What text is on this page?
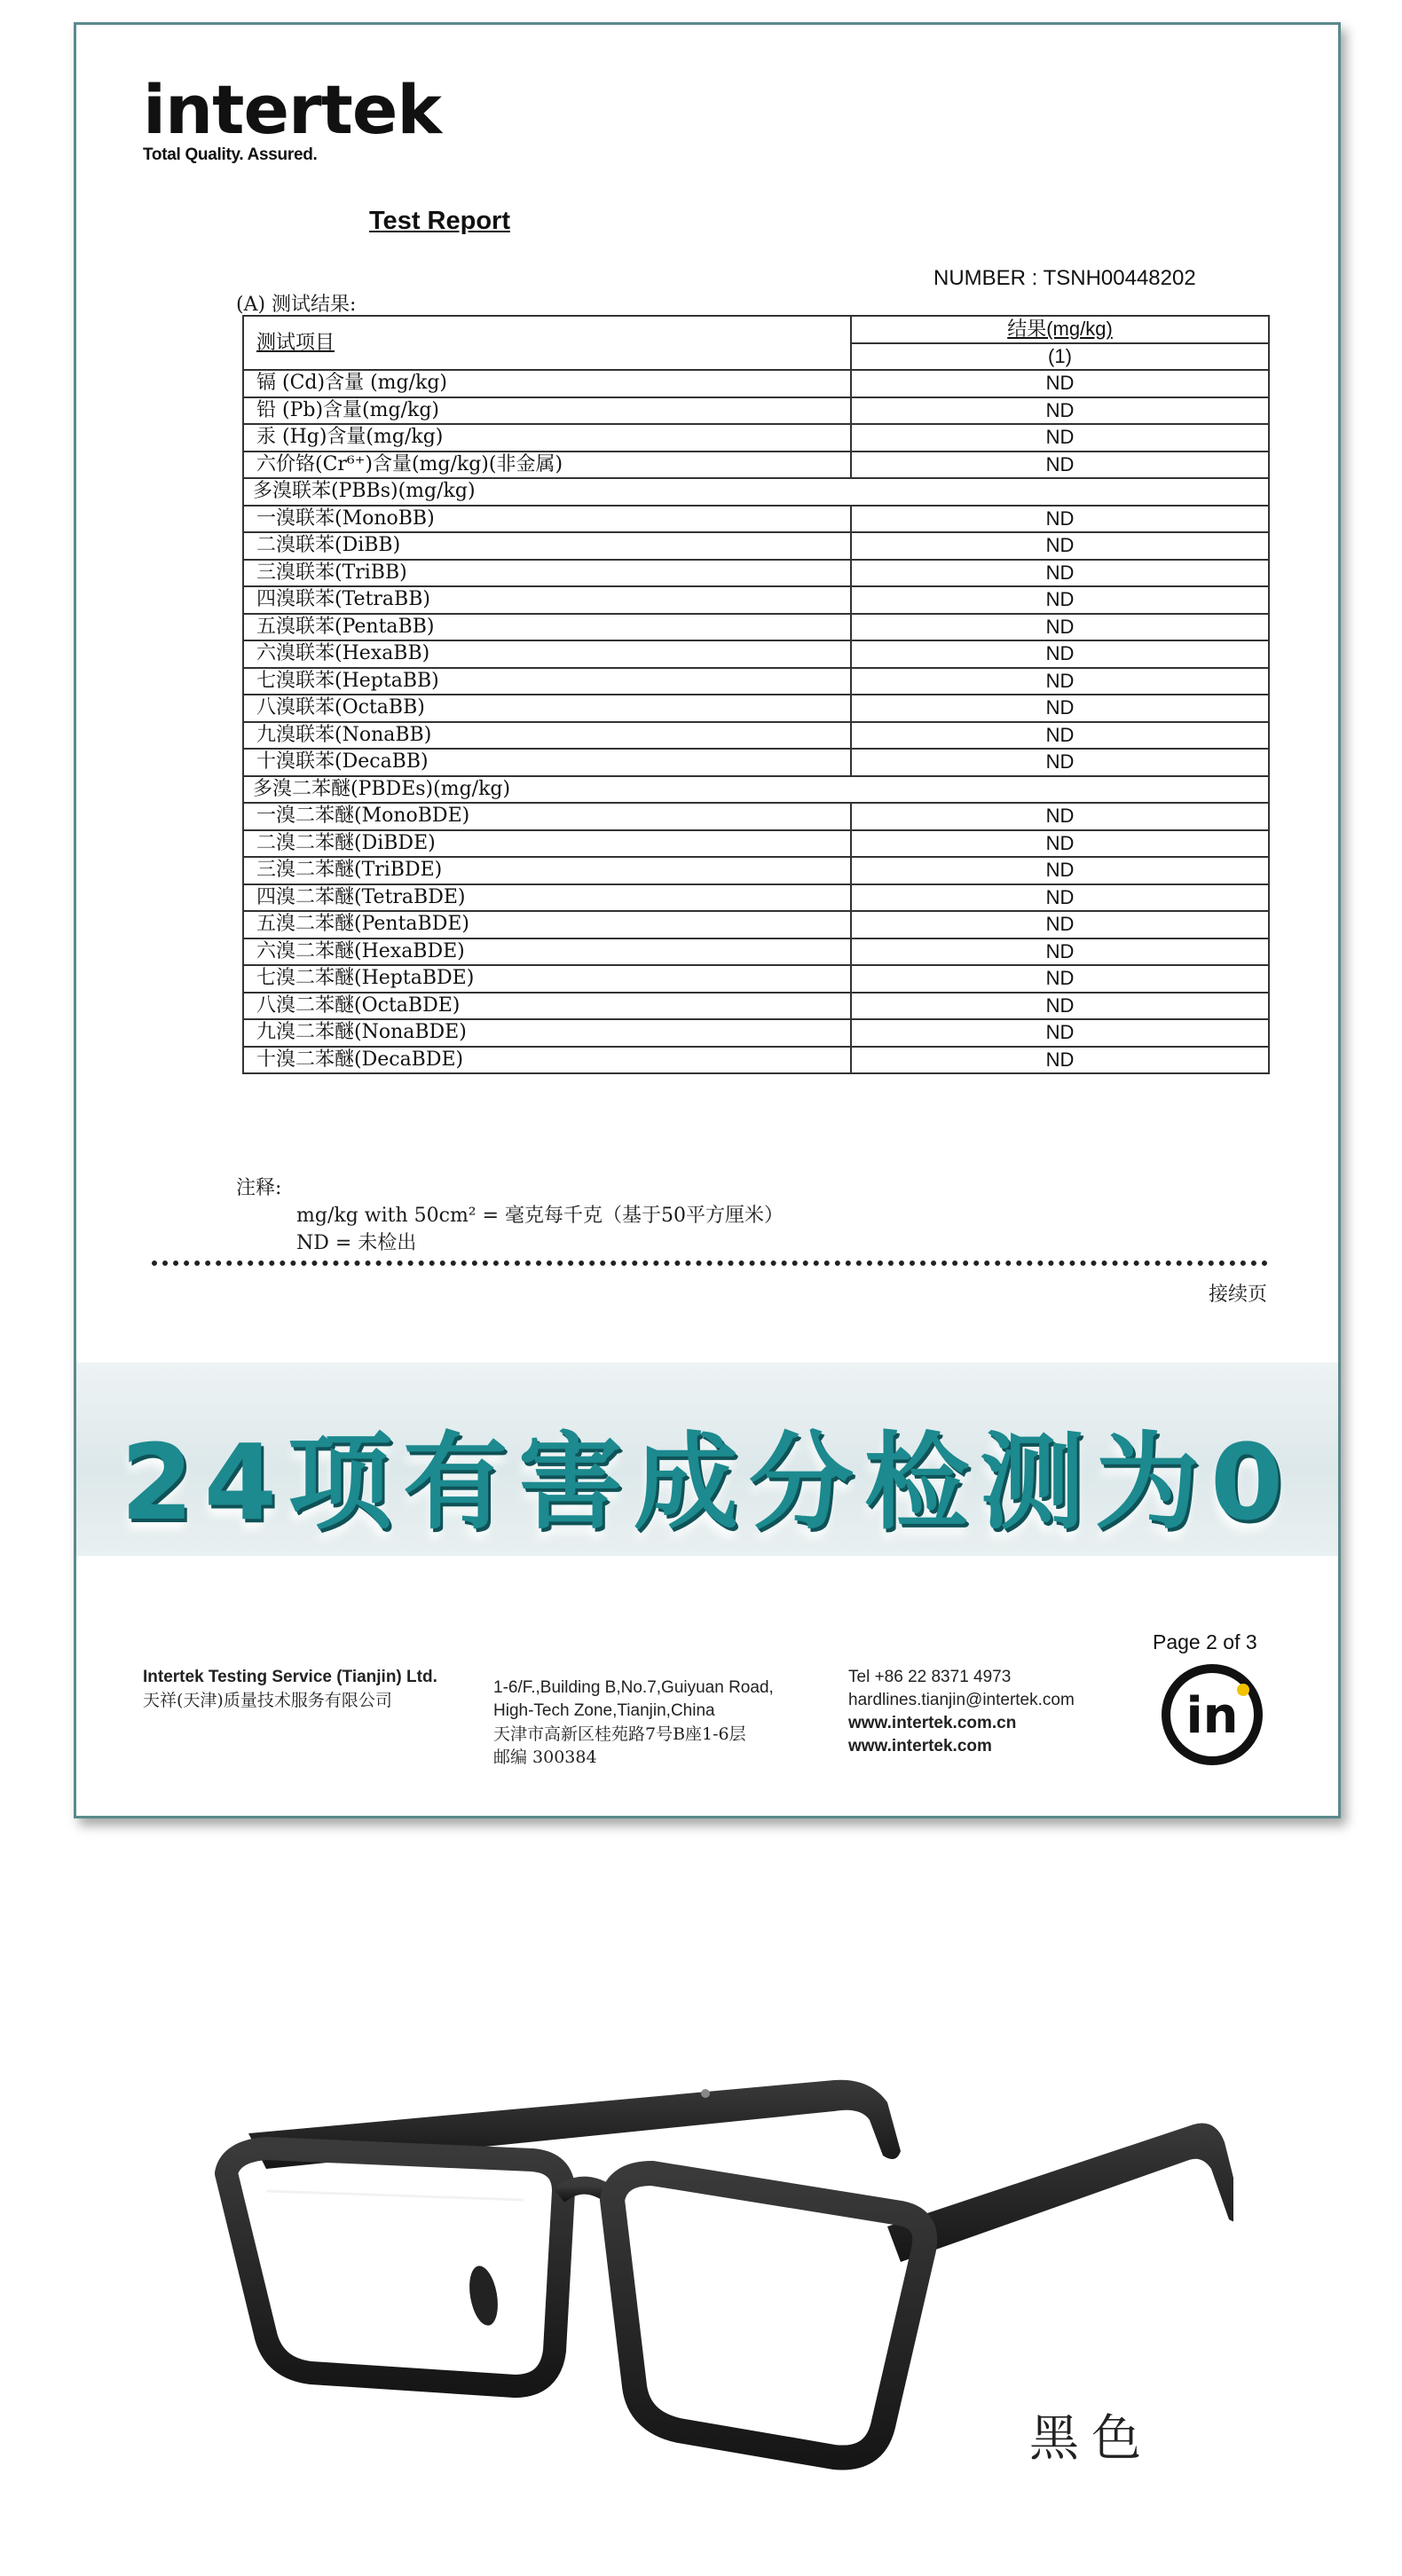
intertek
Total Quality. Assured.
Test Report
NUMBER : TSNH00448202
(A) 测试结果:
测试项目	结果(mg/kg)
	(1)
镉 (Cd)含量 (mg/kg)	ND
铅 (Pb)含量(mg/kg)	ND
汞 (Hg)含量(mg/kg)	ND
六价铬(Cr⁶⁺)含量(mg/kg)(非金属)	ND
多溴联苯(PBBs)(mg/kg)	
一溴联苯(MonoBB)	ND
二溴联苯(DiBB)	ND
三溴联苯(TriBB)	ND
四溴联苯(TetraBB)	ND
五溴联苯(PentaBB)	ND
六溴联苯(HexaBB)	ND
七溴联苯(HeptaBB)	ND
八溴联苯(OctaBB)	ND
九溴联苯(NonaBB)	ND
十溴联苯(DecaBB)	ND
多溴二苯醚(PBDEs)(mg/kg)	
一溴二苯醚(MonoBDE)	ND
二溴二苯醚(DiBDE)	ND
三溴二苯醚(TriBDE)	ND
四溴二苯醚(TetraBDE)	ND
五溴二苯醚(PentaBDE)	ND
六溴二苯醚(HexaBDE)	ND
七溴二苯醚(HeptaBDE)	ND
八溴二苯醚(OctaBDE)	ND
九溴二苯醚(NonaBDE)	ND
十溴二苯醚(DecaBDE)	ND
注释:
mg/kg with 50cm² = 毫克每千克（基于50平方厘米）
ND = 未检出
接续页
24项有害成分检测为0
Page 2 of 3
Intertek Testing Service (Tianjin) Ltd.
天祥(天津)质量技术服务有限公司
1-6/F.,Building B,No.7,Guiyuan Road,
High-Tech Zone,Tianjin,China
天津市高新区桂苑路7号B座1-6层
邮编 300384
Tel +86 22 8371 4973
hardlines.tianjin@intertek.com
www.intertek.com.cn
www.intertek.com
in
黑色
